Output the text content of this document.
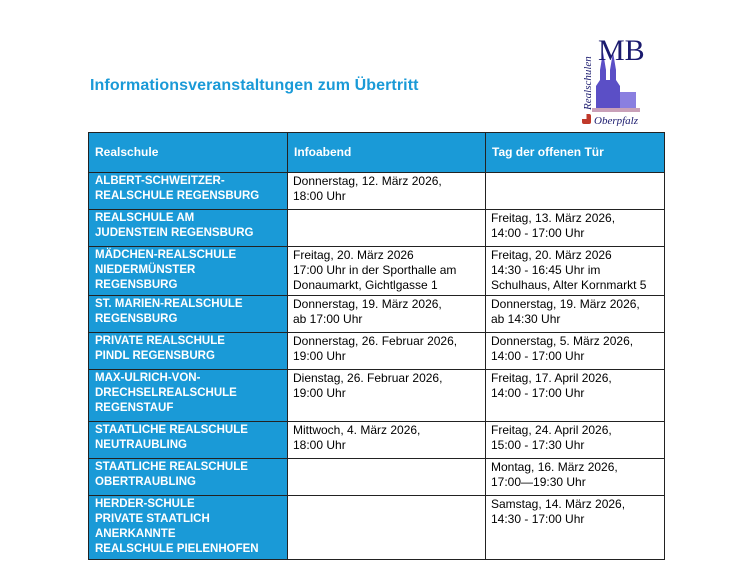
Informationsveranstaltungen zum Übertritt
MB
Realschulen
Oberpfalz
Realschule	Infoabend	Tag der offenen Tür
ALBERT-SCHWEITZER-
REALSCHULE REGENSBURG	Donnerstag, 12. März 2026,
18:00 Uhr	
REALSCHULE AM
JUDENSTEIN REGENSBURG		Freitag, 13. März 2026,
14:00 - 17:00 Uhr
MÄDCHEN-REALSCHULE
NIEDERMÜNSTER
REGENSBURG	Freitag, 20. März 2026
17:00 Uhr in der Sporthalle am
Donaumarkt, Gichtlgasse 1	Freitag, 20. März 2026
14:30 - 16:45 Uhr im
Schulhaus, Alter Kornmarkt 5
ST. MARIEN-REALSCHULE
REGENSBURG	Donnerstag, 19. März 2026,
ab 17:00 Uhr	Donnerstag, 19. März 2026,
ab 14:30 Uhr
PRIVATE REALSCHULE
PINDL REGENSBURG	Donnerstag, 26. Februar 2026,
19:00 Uhr	Donnerstag, 5. März 2026,
14:00 - 17:00 Uhr
MAX-ULRICH-VON-
DRECHSELREALSCHULE
REGENSTAUF	Dienstag, 26. Februar 2026,
19:00 Uhr	Freitag, 17. April 2026,
14:00 - 17:00 Uhr
STAATLICHE REALSCHULE
NEUTRAUBLING	Mittwoch, 4. März 2026,
18:00 Uhr	Freitag, 24. April 2026,
15:00 - 17:30 Uhr
STAATLICHE REALSCHULE
OBERTRAUBLING		Montag, 16. März 2026,
17:00—19:30 Uhr
HERDER-SCHULE
PRIVATE STAATLICH
ANERKANNTE
REALSCHULE PIELENHOFEN		Samstag, 14. März 2026,
14:30 - 17:00 Uhr
